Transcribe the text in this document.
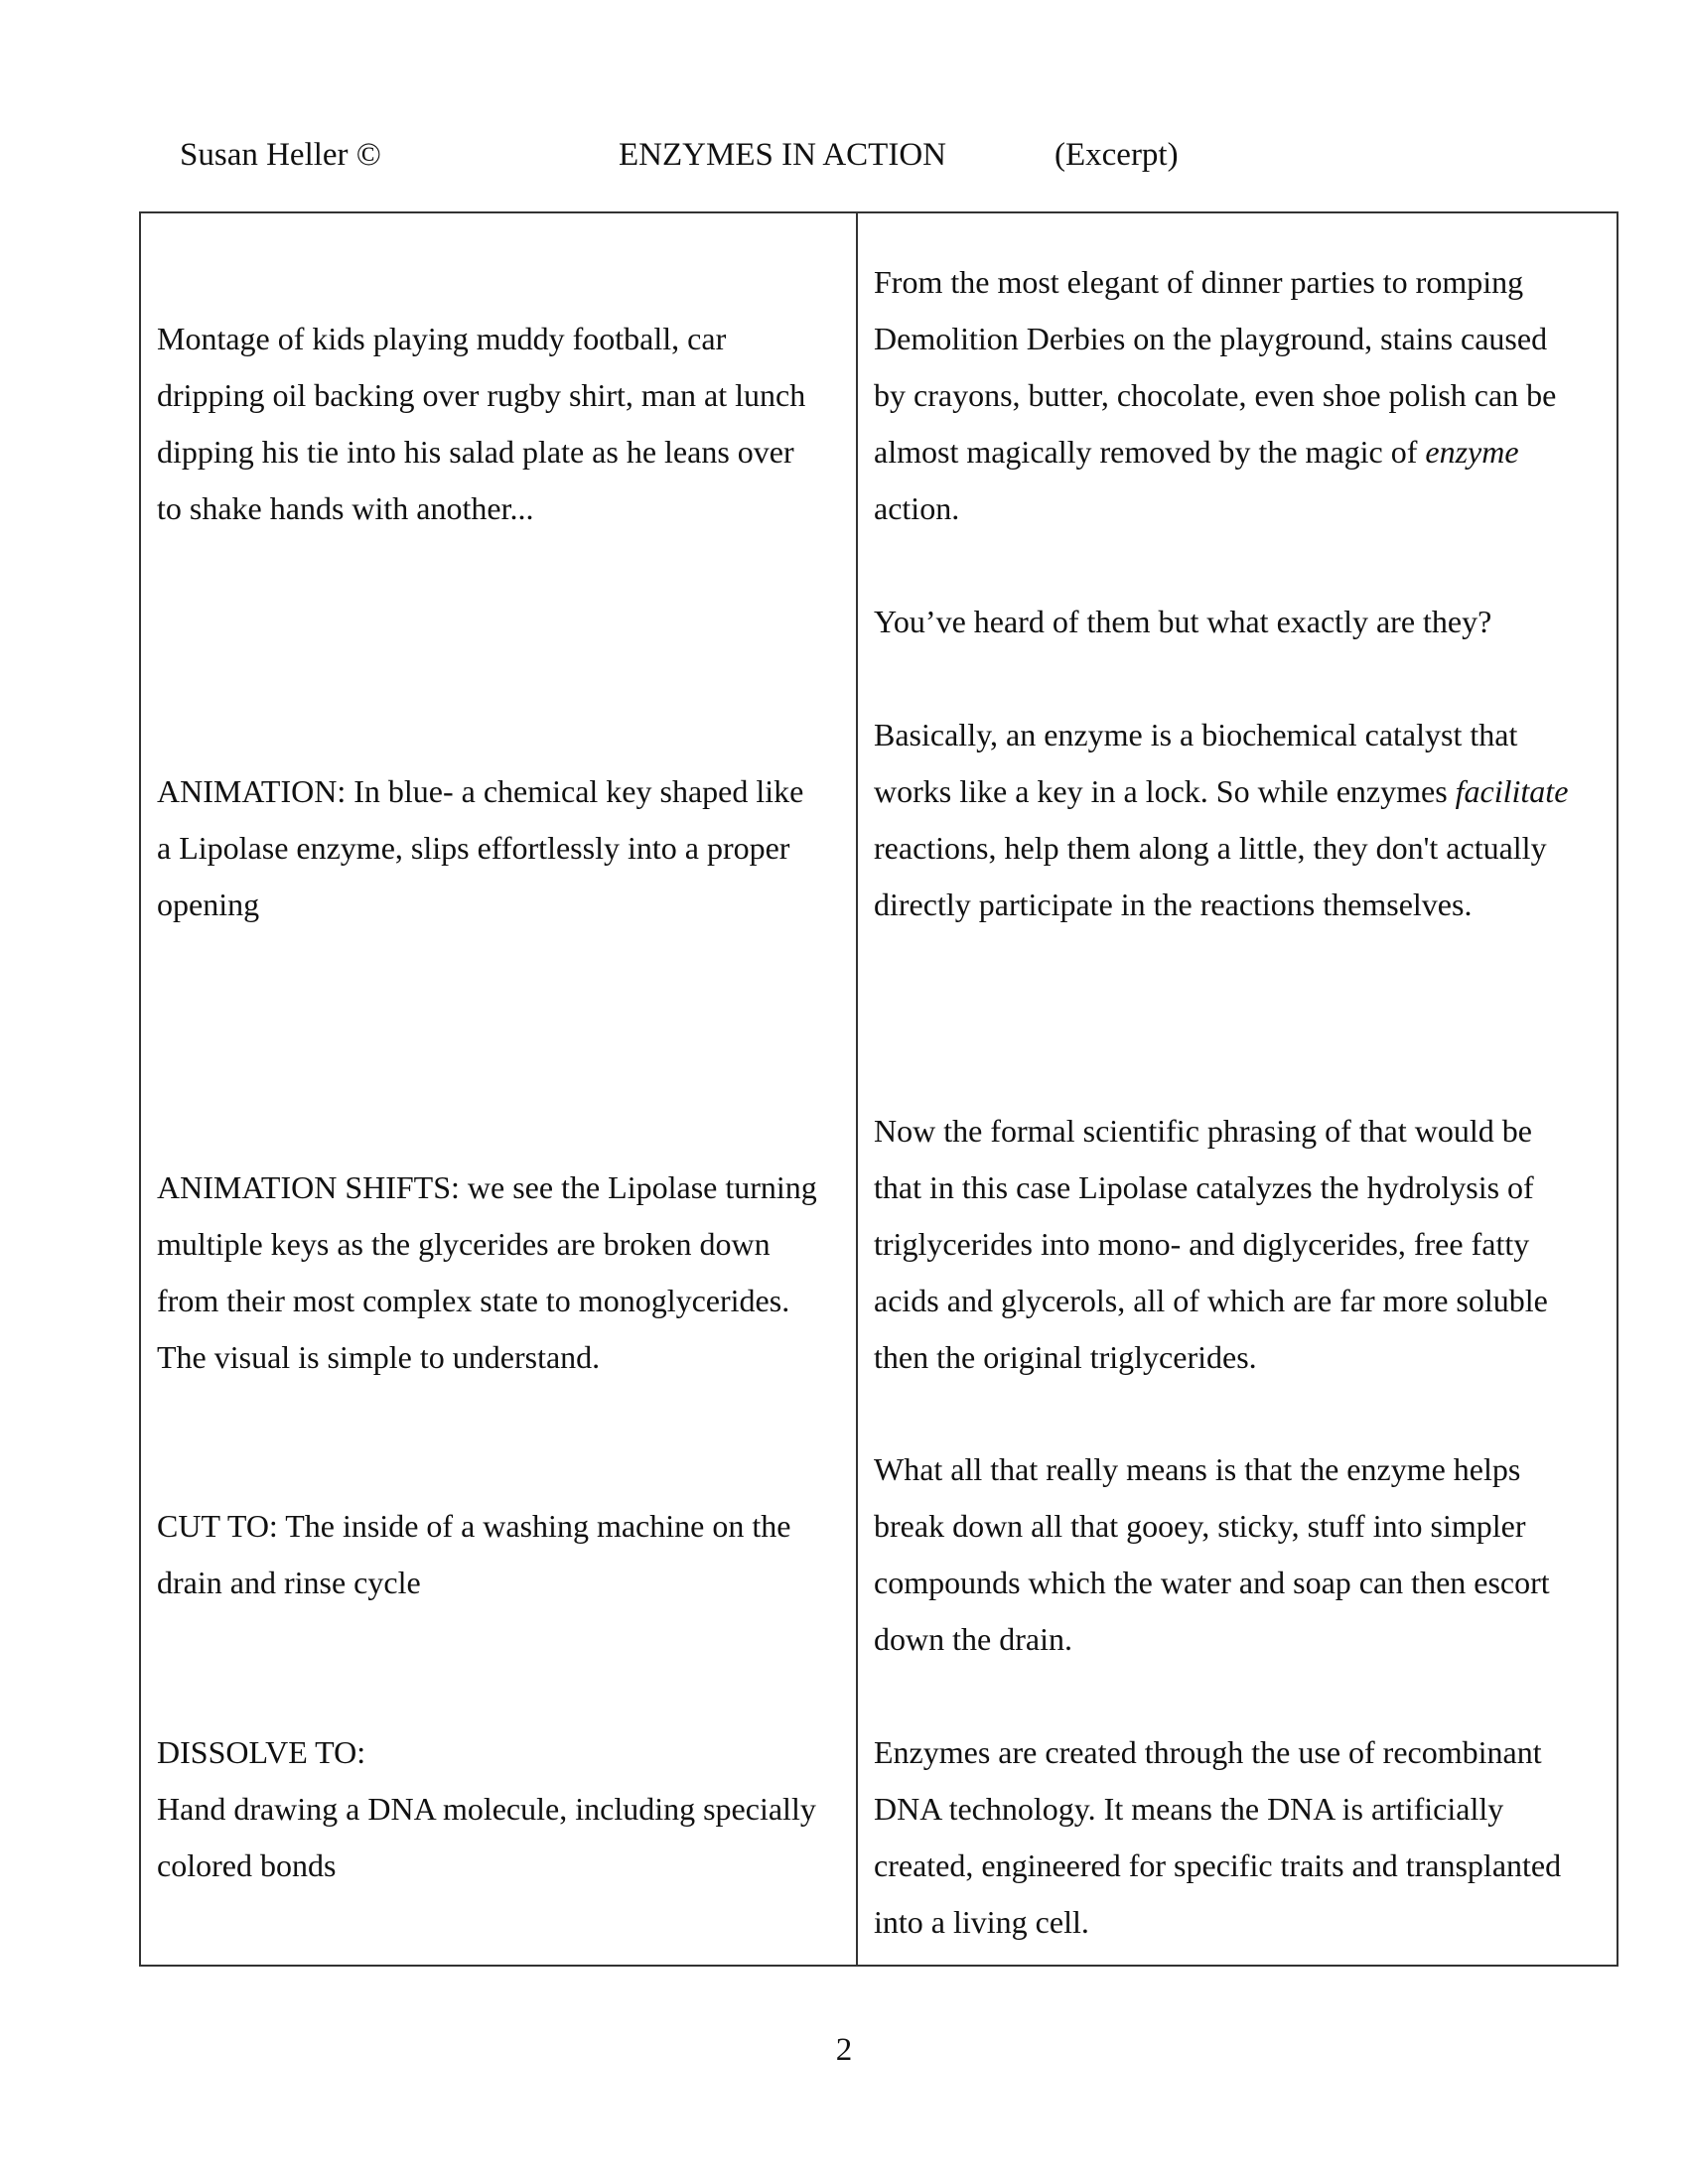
Susan Heller ©	ENZYMES IN ACTION	(Excerpt)

Montage of kids playing muddy football, car
dripping oil backing over rugby shirt, man at lunch
dipping his tie into his salad plate as he leans over
to shake hands with another...

ANIMATION: In blue- a chemical key shaped like
a Lipolase enzyme, slips effortlessly into a proper
opening

ANIMATION SHIFTS: we see the Lipolase turning
multiple keys as the glycerides are broken down
from their most complex state to monoglycerides.
The visual is simple to understand.

CUT TO: The inside of a washing machine on the
drain and rinse cycle

DISSOLVE TO:
Hand drawing a DNA molecule, including specially
colored bonds

From the most elegant of dinner parties to romping
Demolition Derbies on the playground, stains caused
by crayons, butter, chocolate, even shoe polish can be
almost magically removed by the magic of enzyme
action.

You’ve heard of them but what exactly are they?

Basically, an enzyme is a biochemical catalyst that
works like a key in a lock. So while enzymes facilitate
reactions, help them along a little, they don't actually
directly participate in the reactions themselves.

Now the formal scientific phrasing of that would be
that in this case Lipolase catalyzes the hydrolysis of
triglycerides into mono- and diglycerides, free fatty
acids and glycerols, all of which are far more soluble
then the original triglycerides.

What all that really means is that the enzyme helps
break down all that gooey, sticky, stuff into simpler
compounds which the water and soap can then escort
down the drain.

Enzymes are created through the use of recombinant
DNA technology. It means the DNA is artificially
created, engineered for specific traits and transplanted
into a living cell.

2
